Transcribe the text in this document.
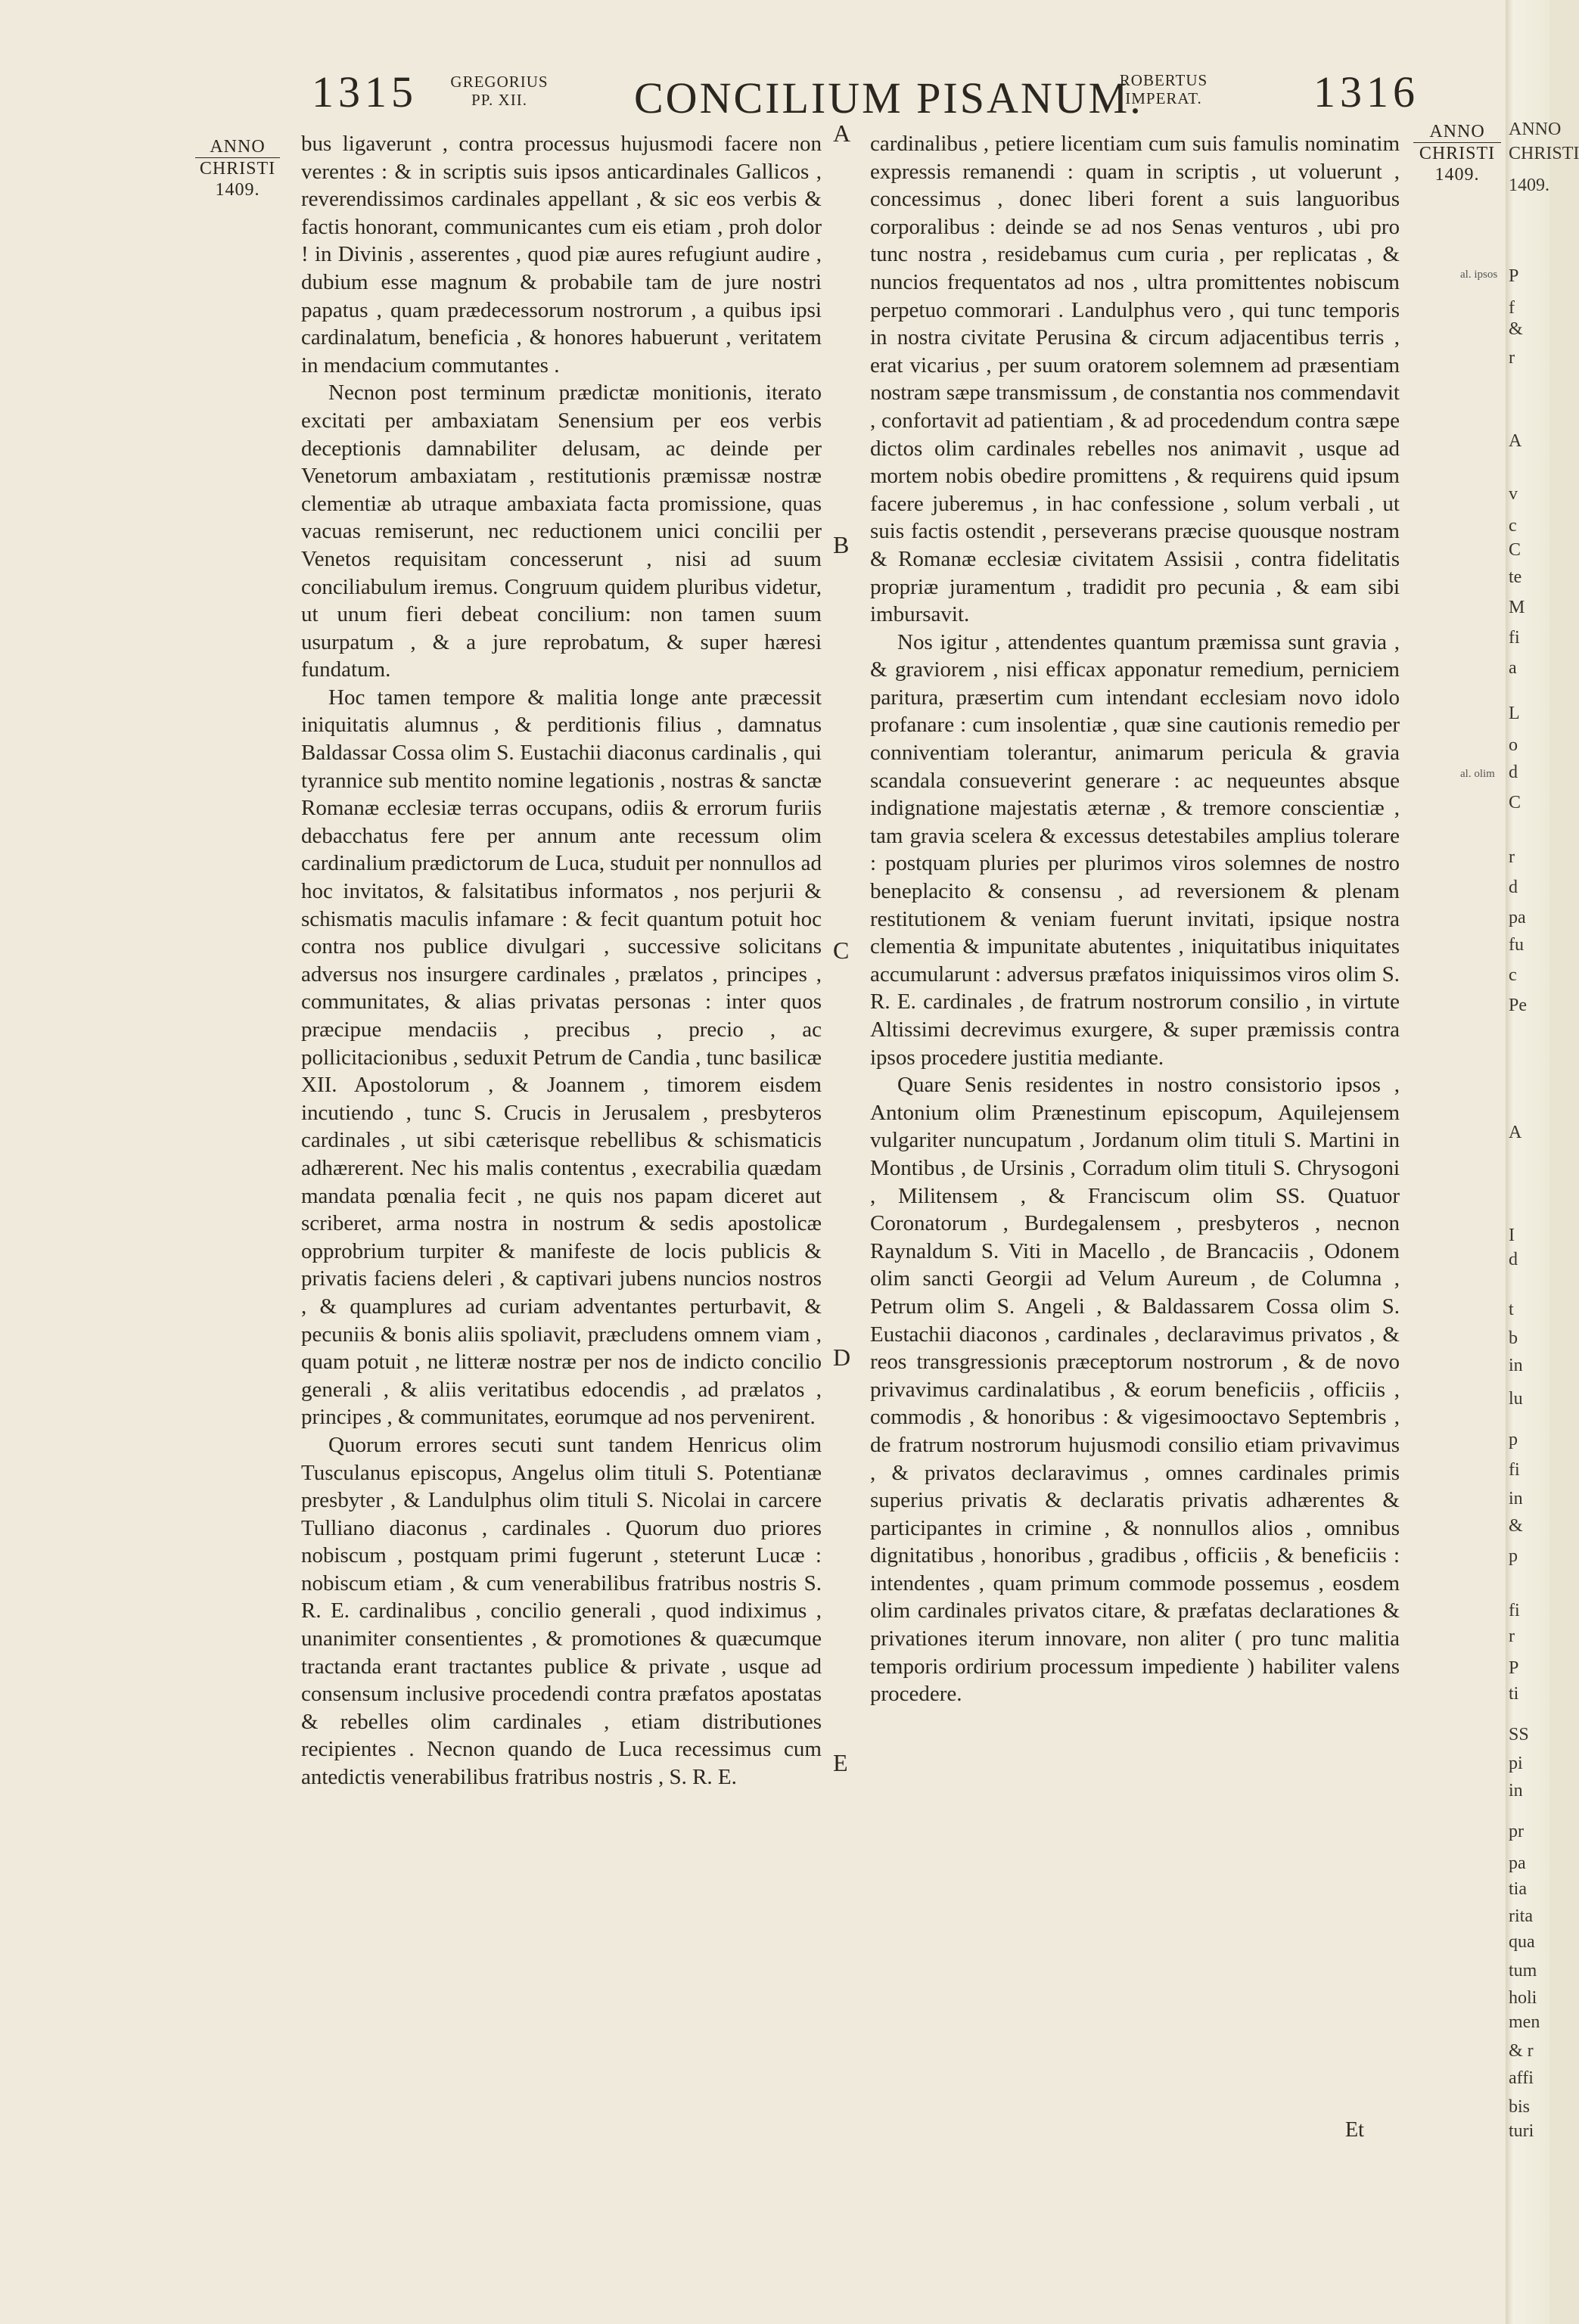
1315 GREGORIUS
PP. XII.	CONCILIUM PISANUM.
ROBERTUS
IMPERAT.	1316
ANNO
CHRISTI
1409.
ANNO
CHRISTI
1409.

bus ligaverunt , contra processus hujusmodi facere non verentes : & in scriptis suis ipsos anticardinales Gallicos , reverendissimos cardinales appellant , & sic eos verbis & factis honorant, communicantes cum eis etiam , proh dolor ! in Divinis , asserentes , quod piæ aures refugiunt audire , dubium esse magnum & probabile tam de jure nostri papatus , quam prædecessorum nostrorum , a quibus ipsi cardinalatum, beneficia , & honores habuerunt , veritatem in mendacium commutantes .

Necnon post terminum prædictæ monitionis, iterato excitati per ambaxiatam Senensium per eos verbis deceptionis damnabiliter delusam, ac deinde per Venetorum ambaxiatam , restitutionis præmissæ nostræ clementiæ ab utraque ambaxiata facta promissione, quas vacuas remiserunt, nec reductionem unici concilii per Venetos requisitam concesserunt , nisi ad suum conciliabulum iremus. Congruum quidem pluribus videtur, ut unum fieri debeat concilium: non tamen suum usurpatum , & a jure reprobatum, & super hæresi fundatum.

Hoc tamen tempore & malitia longe ante præcessit iniquitatis alumnus , & perditionis filius , damnatus Baldassar Cossa olim S. Eustachii diaconus cardinalis , qui tyrannice sub mentito nomine legationis , nostras & sanctæ Romanæ ecclesiæ terras occupans, odiis & errorum furiis debacchatus fere per annum ante recessum olim cardinalium prædictorum de Luca, studuit per nonnullos ad hoc invitatos, & falsitatibus informatos , nos perjurii & schismatis maculis infamare : & fecit quantum potuit hoc contra nos publice divulgari , successive solicitans adversus nos insurgere cardinales , prælatos , principes , communitates, & alias privatas personas : inter quos præcipue mendaciis , precibus , precio , ac pollicitacionibus , seduxit Petrum de Candia , tunc basilicæ XII. Apostolorum , & Joannem , timorem eisdem incutiendo , tunc S. Crucis in Jerusalem , presbyteros cardinales , ut sibi cæterisque rebellibus & schismaticis adhærerent. Nec his malis contentus , execrabilia quædam mandata pœnalia fecit , ne quis nos papam diceret aut scriberet, arma nostra in nostrum & sedis apostolicæ opprobrium turpiter & manifeste de locis publicis & privatis faciens deleri , & captivari jubens nuncios nostros , & quamplures ad curiam adventantes perturbavit, & pecuniis & bonis aliis spoliavit, præcludens omnem viam , quam potuit , ne litteræ nostræ per nos de indicto concilio generali , & aliis veritatibus edocendis , ad prælatos , principes , & communitates, eorumque ad nos pervenirent.

Quorum errores secuti sunt tandem Henricus olim Tusculanus episcopus, Angelus olim tituli S. Potentianæ presbyter , & Landulphus olim tituli S. Nicolai in carcere Tulliano diaconus , cardinales . Quorum duo priores nobiscum , postquam primi fugerunt , steterunt Lucæ : nobiscum etiam , & cum venerabilibus fratribus nostris S. R. E. cardinalibus , concilio generali , quod indiximus , unanimiter consentientes , & promotiones & quæcumque tractanda erant tractantes publice & private , usque ad consensum inclusive procedendi contra præfatos apostatas & rebelles olim cardinales , etiam distributiones recipientes . Necnon quando de Luca recessimus cum antedictis venerabilibus fratribus nostris , S. R. E.

A
B
C
D
E

cardinalibus , petiere licentiam cum suis famulis nominatim expressis remanendi : quam in scriptis , ut voluerunt , concessimus , donec liberi forent a suis languoribus corporalibus : deinde se ad nos Senas venturos , ubi pro tunc nostra , residebamus cum curia , per replicatas , & nuncios frequentatos ad nos , ultra promittentes nobiscum perpetuo commorari . Landulphus vero , qui tunc temporis in nostra civitate Perusina & circum adjacentibus terris , erat vicarius , per suum oratorem solemnem ad præsentiam nostram sæpe transmissum , de constantia nos commendavit , confortavit ad patientiam , & ad procedendum contra sæpe dictos olim cardinales rebelles nos animavit , usque ad mortem nobis obedire promittens , & requirens quid ipsum facere juberemus , in hac confessione , solum verbali , ut suis factis ostendit , perseverans præcise quousque nostram & Romanæ ecclesiæ civitatem Assisii , contra fidelitatis propriæ juramentum , tradidit pro pecunia , & eam sibi imbursavit.

Nos igitur , attendentes quantum præmissa sunt gravia , & graviorem , nisi efficax apponatur remedium, perniciem paritura, præsertim cum intendant ecclesiam novo idolo profanare : cum insolentiæ , quæ sine cautionis remedio per conniventiam tolerantur, animarum pericula & gravia scandala consueverint generare : ac nequeuntes absque indignatione majestatis æternæ , & tremore conscientiæ , tam gravia scelera & excessus detestabiles amplius tolerare : postquam pluries per plurimos viros solemnes de nostro beneplacito & consensu , ad reversionem & plenam restitutionem & veniam fuerunt invitati, ipsique nostra clementia & impunitate abutentes , iniquitatibus iniquitates accumularunt : adversus præfatos iniquissimos viros olim S. R. E. cardinales , de fratrum nostrorum consilio , in virtute Altissimi decrevimus exurgere, & super præmissis contra ipsos procedere justitia mediante.

Quare Senis residentes in nostro consistorio ipsos , Antonium olim Prænestinum episcopum, Aquilejensem vulgariter nuncupatum , Jordanum olim tituli S. Martini in Montibus , de Ursinis , Corradum olim tituli S. Chrysogoni , Militensem , & Franciscum olim SS. Quatuor Coronatorum , Burdegalensem , presbyteros , necnon Raynaldum S. Viti in Macello , de Brancaciis , Odonem olim sancti Georgii ad Velum Aureum , de Columna , Petrum olim S. Angeli , & Baldassarem Cossa olim S. Eustachii diaconos , cardinales , declaravimus privatos , & reos transgressionis præceptorum nostrorum , & de novo privavimus cardinalatibus , & eorum beneficiis , officiis , commodis , & honoribus : & vigesimooctavo Septembris , de fratrum nostrorum hujusmodi consilio etiam privavimus , & privatos declaravimus , omnes cardinales primis superius privatis & declaratis privatis adhærentes & participantes in crimine , & nonnullos alios , omnibus dignitatibus , honoribus , gradibus , officiis , & beneficiis : intendentes , quam primum commode possemus , eosdem olim cardinales privatos citare, & præfatas declarationes & privationes iterum innovare, non aliter ( pro tunc malitia temporis ordirium processum impediente ) habiliter valens procedere.

al. ipsos
al. olim
Et
ANNO
CHRISTI
1409.
P
f
&
r
A
v
c
C
te
M
fi
a
L
o
d
C
r
d
pa
fu
c
Pe
A
I
d
t
b
in
lu
p
fi
in
&
p
fi
r
P
ti
SS
pi
in
pr
pa
tia
rita
qua
tum
holi
men
& r
affi
bis
turi
